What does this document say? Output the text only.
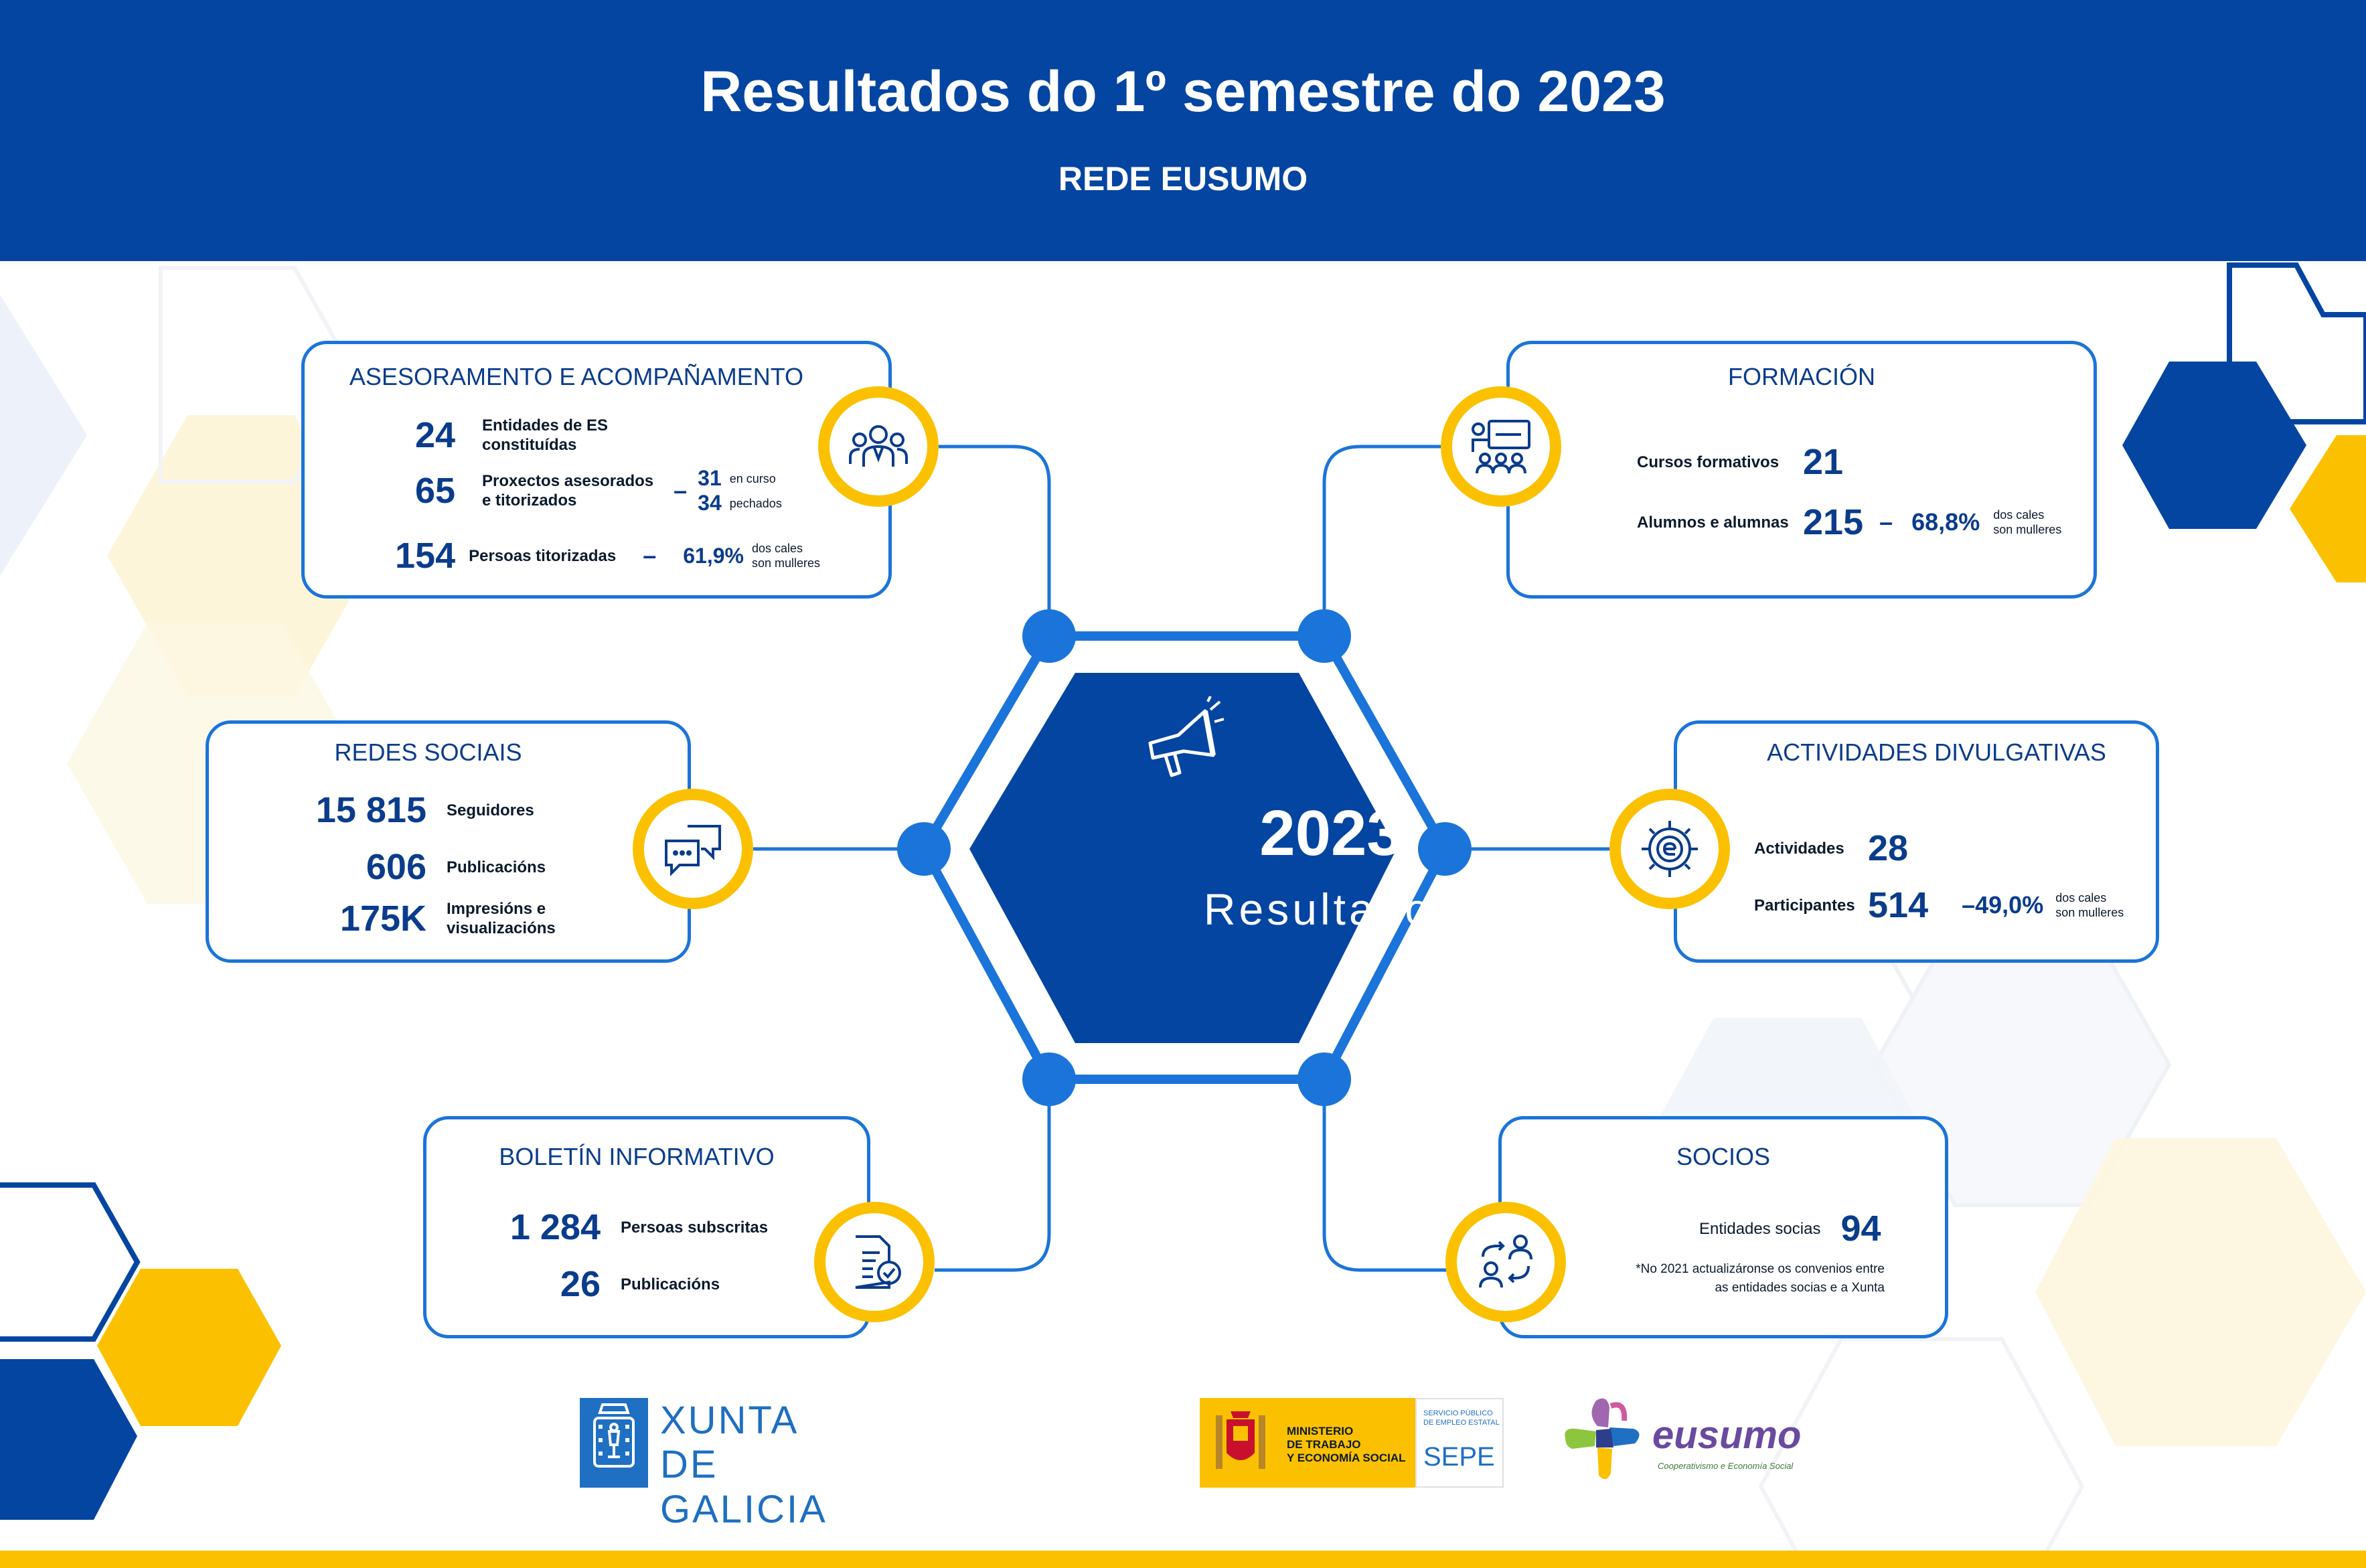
Resultados do 1º semestre do 2023
REDE EUSUMO
2023
Resultados
ASESORAMENTO E ACOMPAÑAMENTO
24	Entidades de ES
constituídas
65	Proxectos asesorados
e titorizados	– 31 en curso
34 pechados
154 Persoas titorizadas – 61,9% dos cales
son mulleres
FORMACIÓN
Cursos formativos 21
Alumnos e alumnas 215 – 68,8% dos cales
son mulleres
REDES SOCIAIS
15 815 Seguidores
606 Publicacións
175K Impresións e
visualizacións
ACTIVIDADES DIVULGATIVAS
Actividades 28
Participantes 514 – 49,0% dos cales
son mulleres
BOLETÍN INFORMATIVO
1 284 Persoas subscritas
26 Publicacións
SOCIOS
Entidades socias 94
*No 2021 actualizáronse os convenios entre
as entidades socias e a Xunta
XUNTA
DE GALICIA
MINISTERIO
DE TRABAJO
Y ECONOMÍA SOCIAL
SERVICIO PÚBLICO
DE EMPLEO ESTATAL
SEPE	eusumo
Cooperativismo e Economía Social
